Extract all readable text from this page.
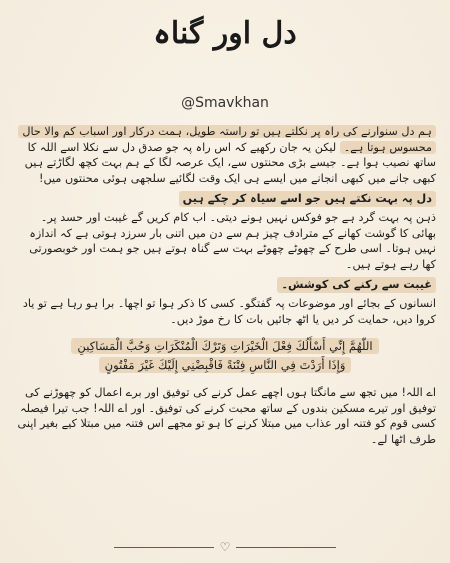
دل اور گناہ
@Smavkhan

ہم دل سنوارنے کی راہ پر نکلتے ہیں تو راستہ طویل، ہمت درکار اور اسباب کم والا حال محسوس ہوتا ہے۔ لیکن یہ جان رکھیے کہ اس راہ پہ جو صدق دل سے نکلا اسے اللہ کا ساتھ نصیب ہوا ہے۔ جیسے بڑی محنتوں سے، ایک عرصہ لگا کے ہم بہت کچھ لگاڑتے ہیں کبھی جانے میں کبھی انجانے میں ایسے ہی ایک وقت لگائیے سلجھی ہوئی محنتوں میں!

دل پہ بہت نکتے ہیں جو اسے سیاہ کر چکے ہیں

ذہن پہ بہت گرد ہے جو فوکس نہیں ہونے دیتی۔ اب کام کریں گے غیبت اور حسد پر۔ بھائی کا گوشت کھانے کے مترادف چیز ہم سے دن میں اتنی بار سرزد ہوتی ہے کہ اندازہ نہیں ہوتا۔ اسی طرح کے چھوٹے چھوٹے بہت سے گناہ ہوتے ہیں جو ہمت اور خوبصورتی کھا رہے ہوتے ہیں۔

غیبت سے رکنے کی کوشش۔

انسانوں کے بجائے اور موضوعات پہ گفتگو۔ کسی کا ذکر ہوا تو اچھا۔ برا ہو رہا ہے تو یاد کروا دیں، حمایت کر دیں یا اٹھ جائیں بات کا رخ موڑ دیں۔

اللّٰهُمَّ إِنِّي أَسْأَلُكَ فِعْلَ الْخَيْرَاتِ وَتَرْكَ الْمُنْكَرَاتِ وَحُبَّ الْمَسَاكِينِ
وَإِذَا أَرَدْتَ فِي النَّاسِ فِتْنَةً فَاقْبِضْنِي إِلَيْكَ غَيْرَ مَفْتُونٍ

اے اللہ! میں تجھ سے مانگتا ہوں اچھے عمل کرنے کی توفیق اور برے اعمال کو چھوڑنے کی توفیق اور تیرے مسکین بندوں کے ساتھ محبت کرنے کی توفیق۔ اور اے اللہ! جب تیرا فیصلہ کسی قوم کو فتنہ اور عذاب میں مبتلا کرنے کا ہو تو مجھے اس فتنہ میں مبتلا کیے بغیر اپنی طرف اٹھا لے۔

♡
